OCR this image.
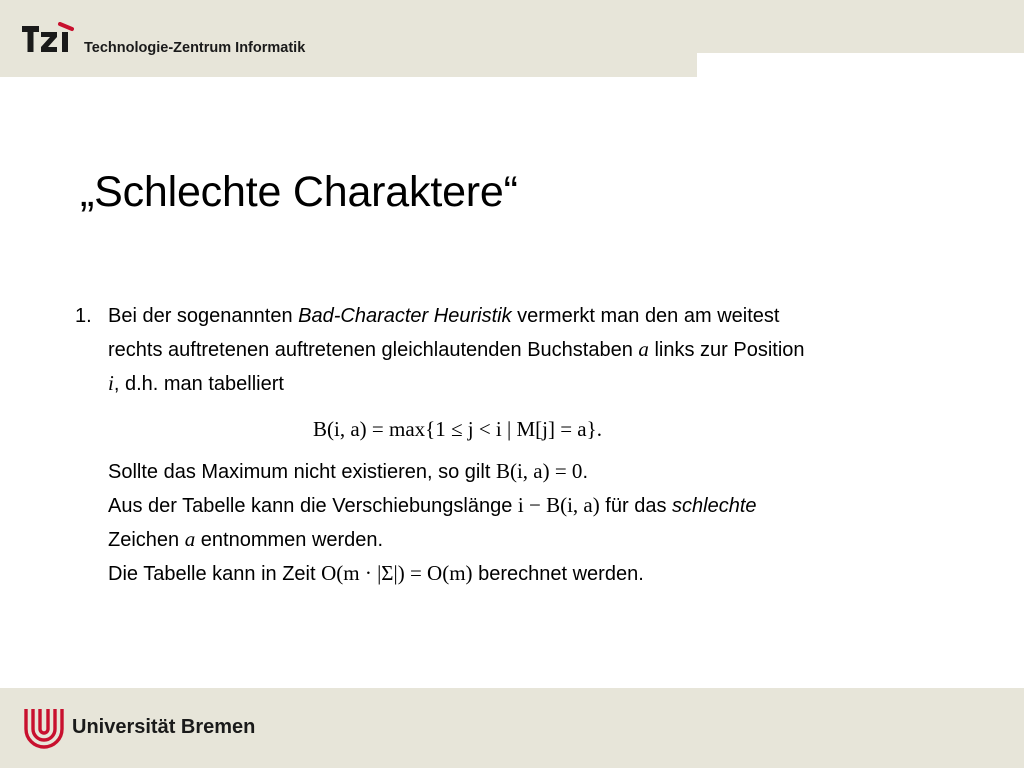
Technologie-Zentrum Informatik
„Schlechte Charaktere“
1. Bei der sogenannten Bad-Character Heuristik vermerkt man den am weitest
rechts auftretenen auftretenen gleichlautenden Buchstaben a links zur Position
i, d.h. man tabelliert
B(i, a) = max{1 ≤ j < i | M[j] = a}.
Sollte das Maximum nicht existieren, so gilt B(i, a) = 0.
Aus der Tabelle kann die Verschiebungslänge i − B(i, a) für das schlechte
Zeichen a entnommen werden.
Die Tabelle kann in Zeit O(m · |Σ|) = O(m) berechnet werden.
Universität Bremen
